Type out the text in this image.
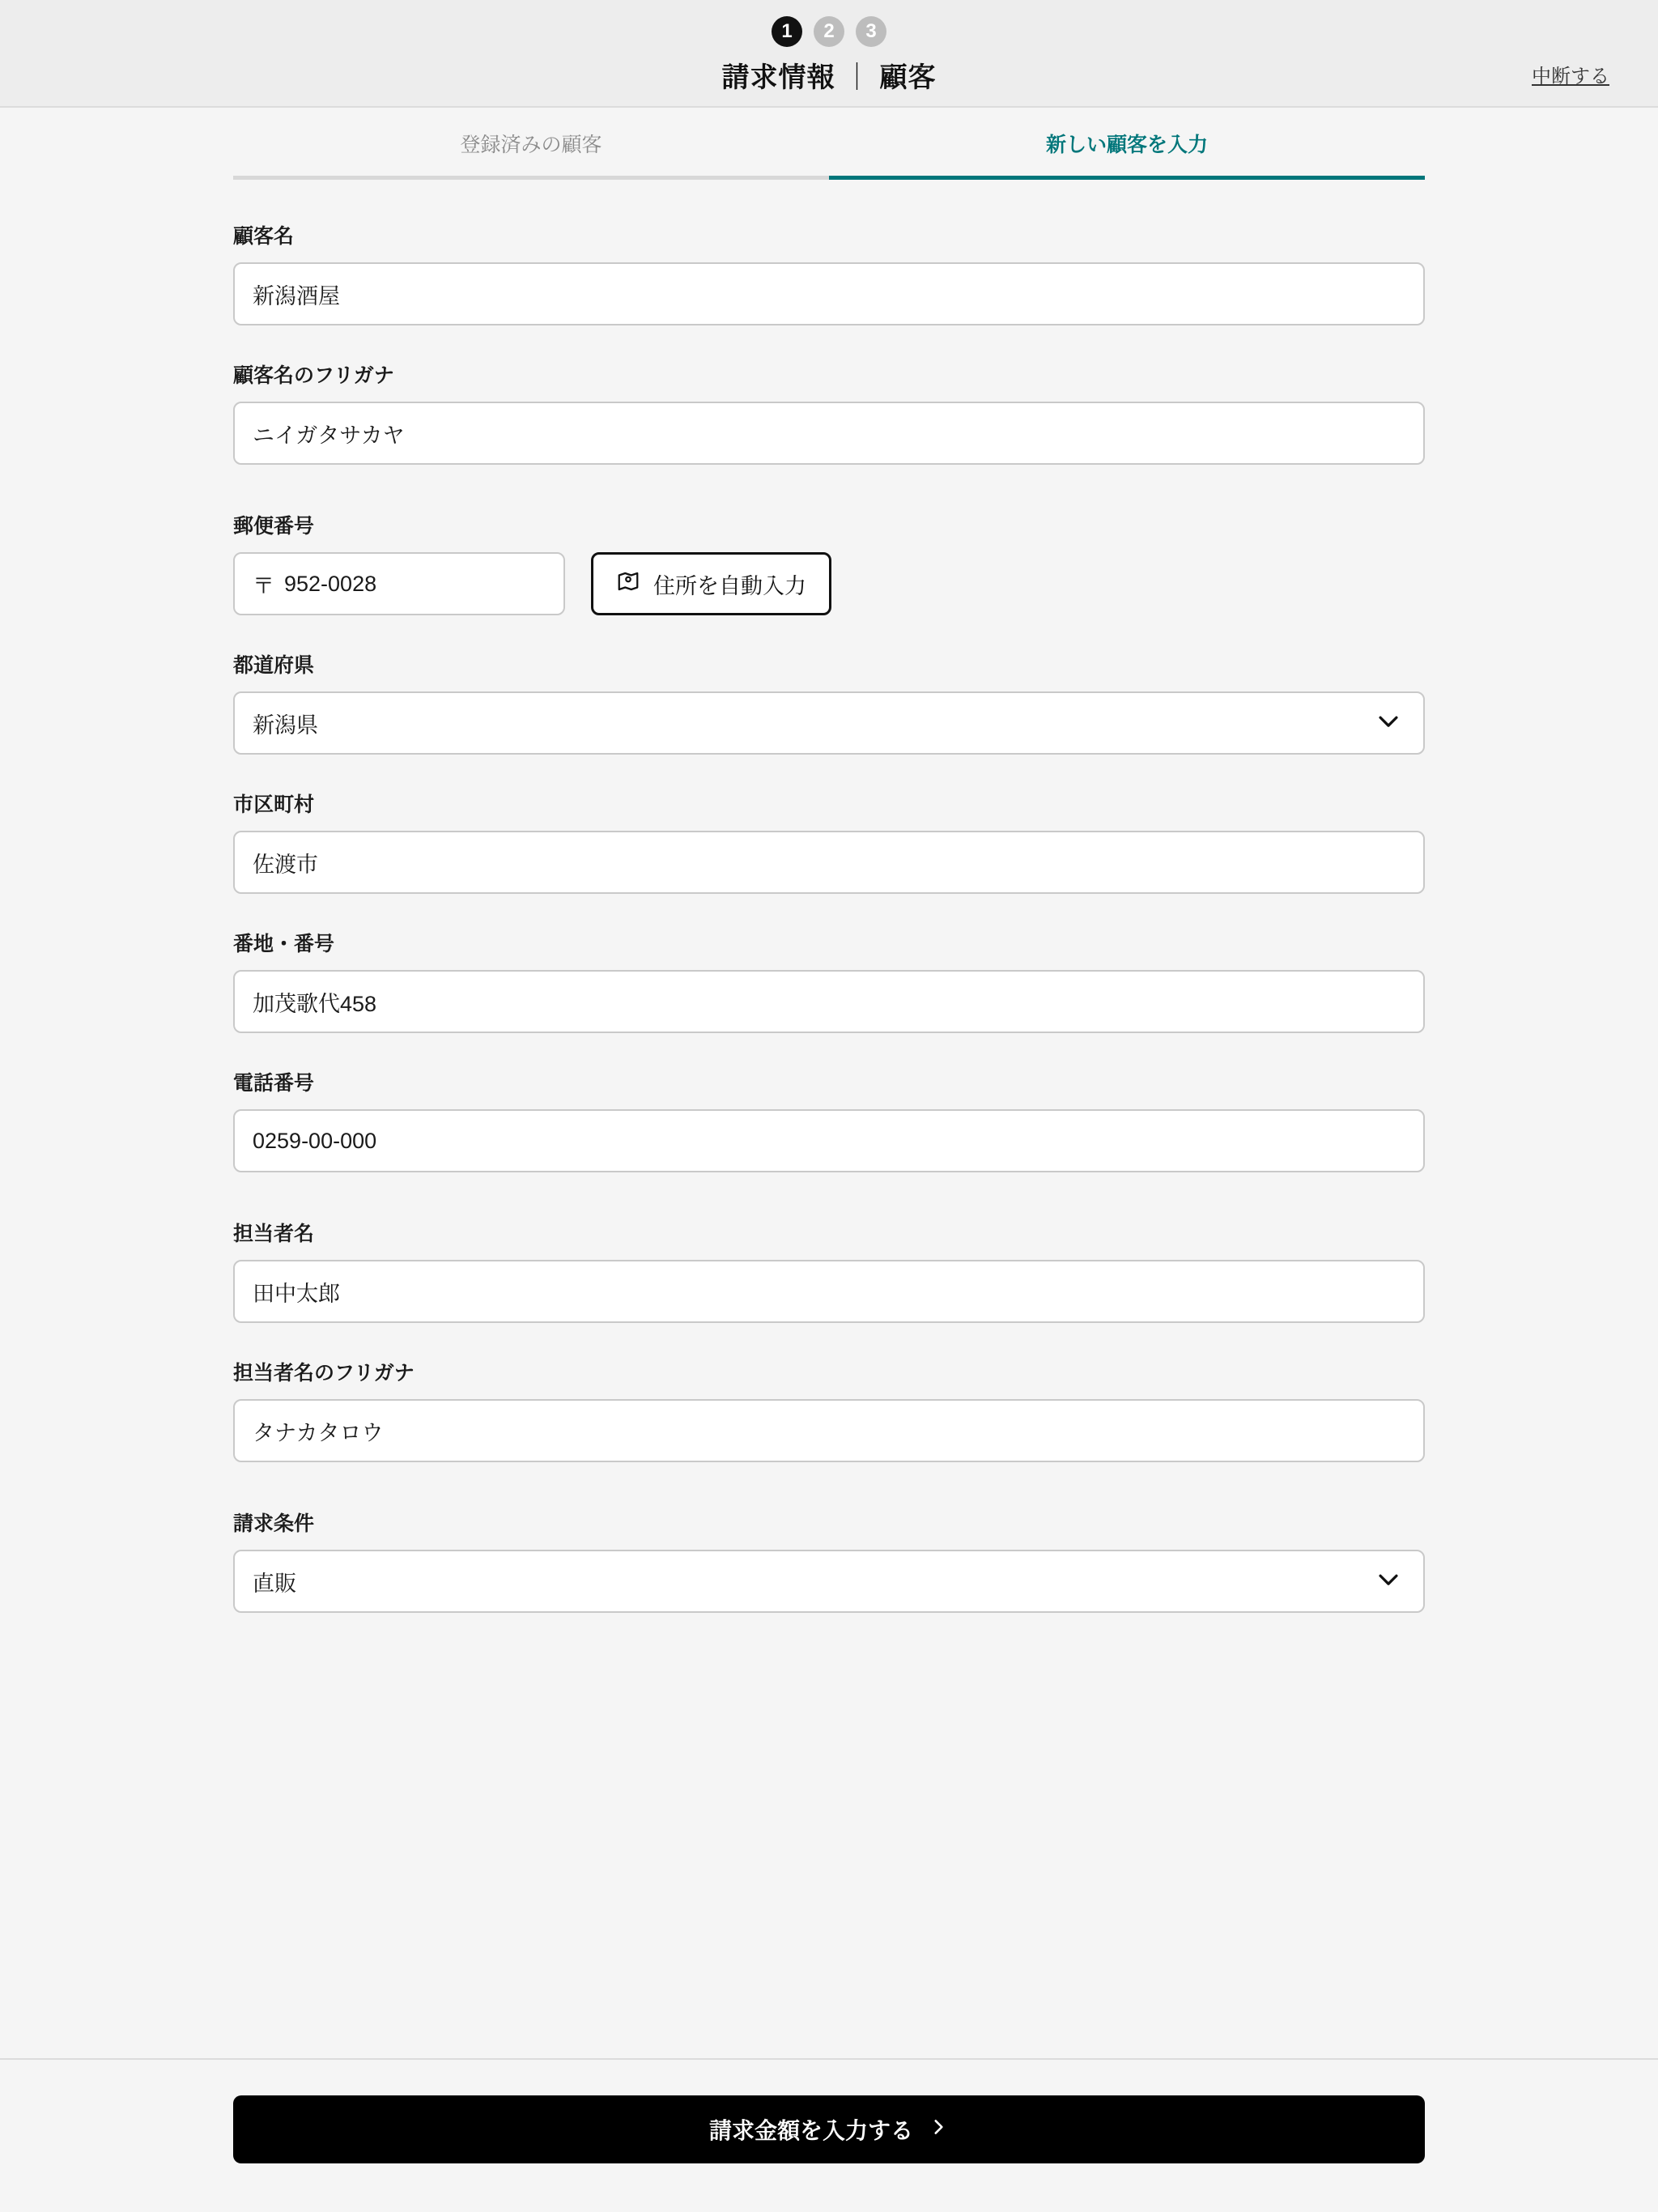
1	2	3
請求情報 ｜ 顧客	中断する
登録済みの顧客	新しい顧客を入力
顧客名
新潟酒屋
顧客名のフリガナ
ニイガタサカヤ
郵便番号
〒 952-0028	住所を自動入力
都道府県
新潟県
市区町村
佐渡市
番地・番号
加茂歌代458
電話番号
0259-00-000
担当者名
田中太郎
担当者名のフリガナ
タナカタロウ
請求条件
直販
請求金額を入力する
